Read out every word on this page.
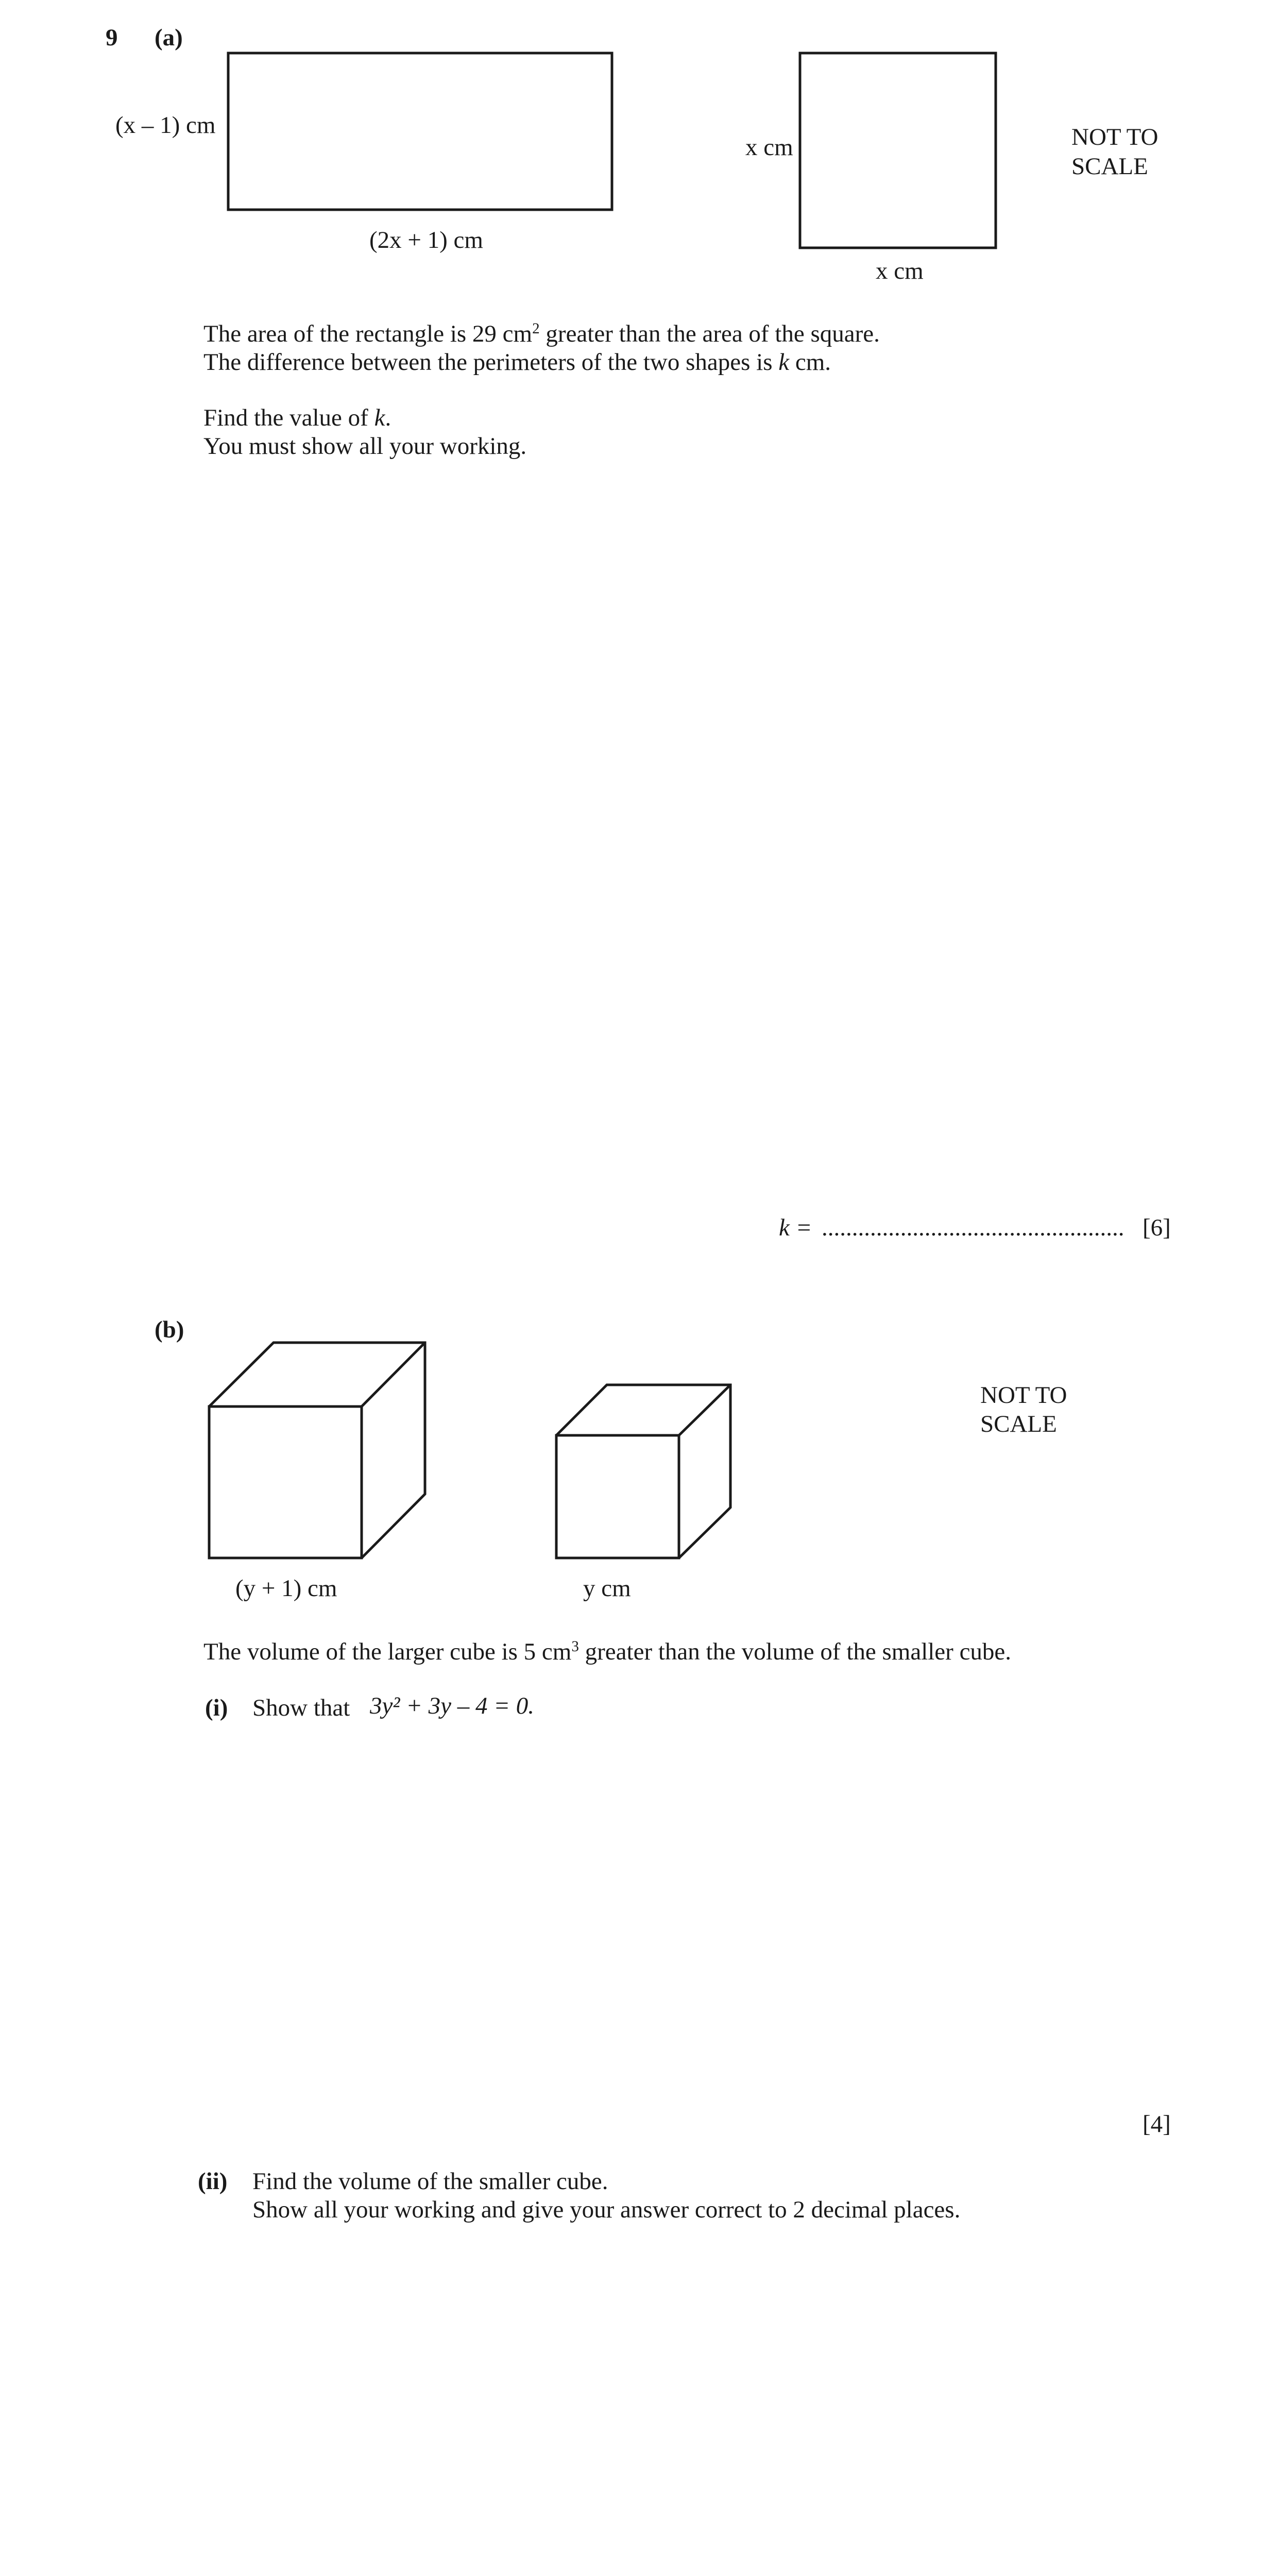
9 (a)
(x – 1) cm
(2x + 1) cm
x cm
x cm
NOT TO
SCALE
The area of the rectangle is 29 $cm^2$ greater than the area of the square.
The difference between the perimeters of the two shapes is k cm.
Find the value of k.
You must show all your working.
k = .................................................. [6]
(b)
(y + 1) cm	y cm
NOT TO
SCALE
The volume of the larger cube is 5 $cm^3$ greater than the volume of the smaller cube.
(i) Show that 3y² + 3y – 4 = 0.
[4]
(ii) Find the volume of the smaller cube.
Show all your working and give your answer correct to 2 decimal places.
